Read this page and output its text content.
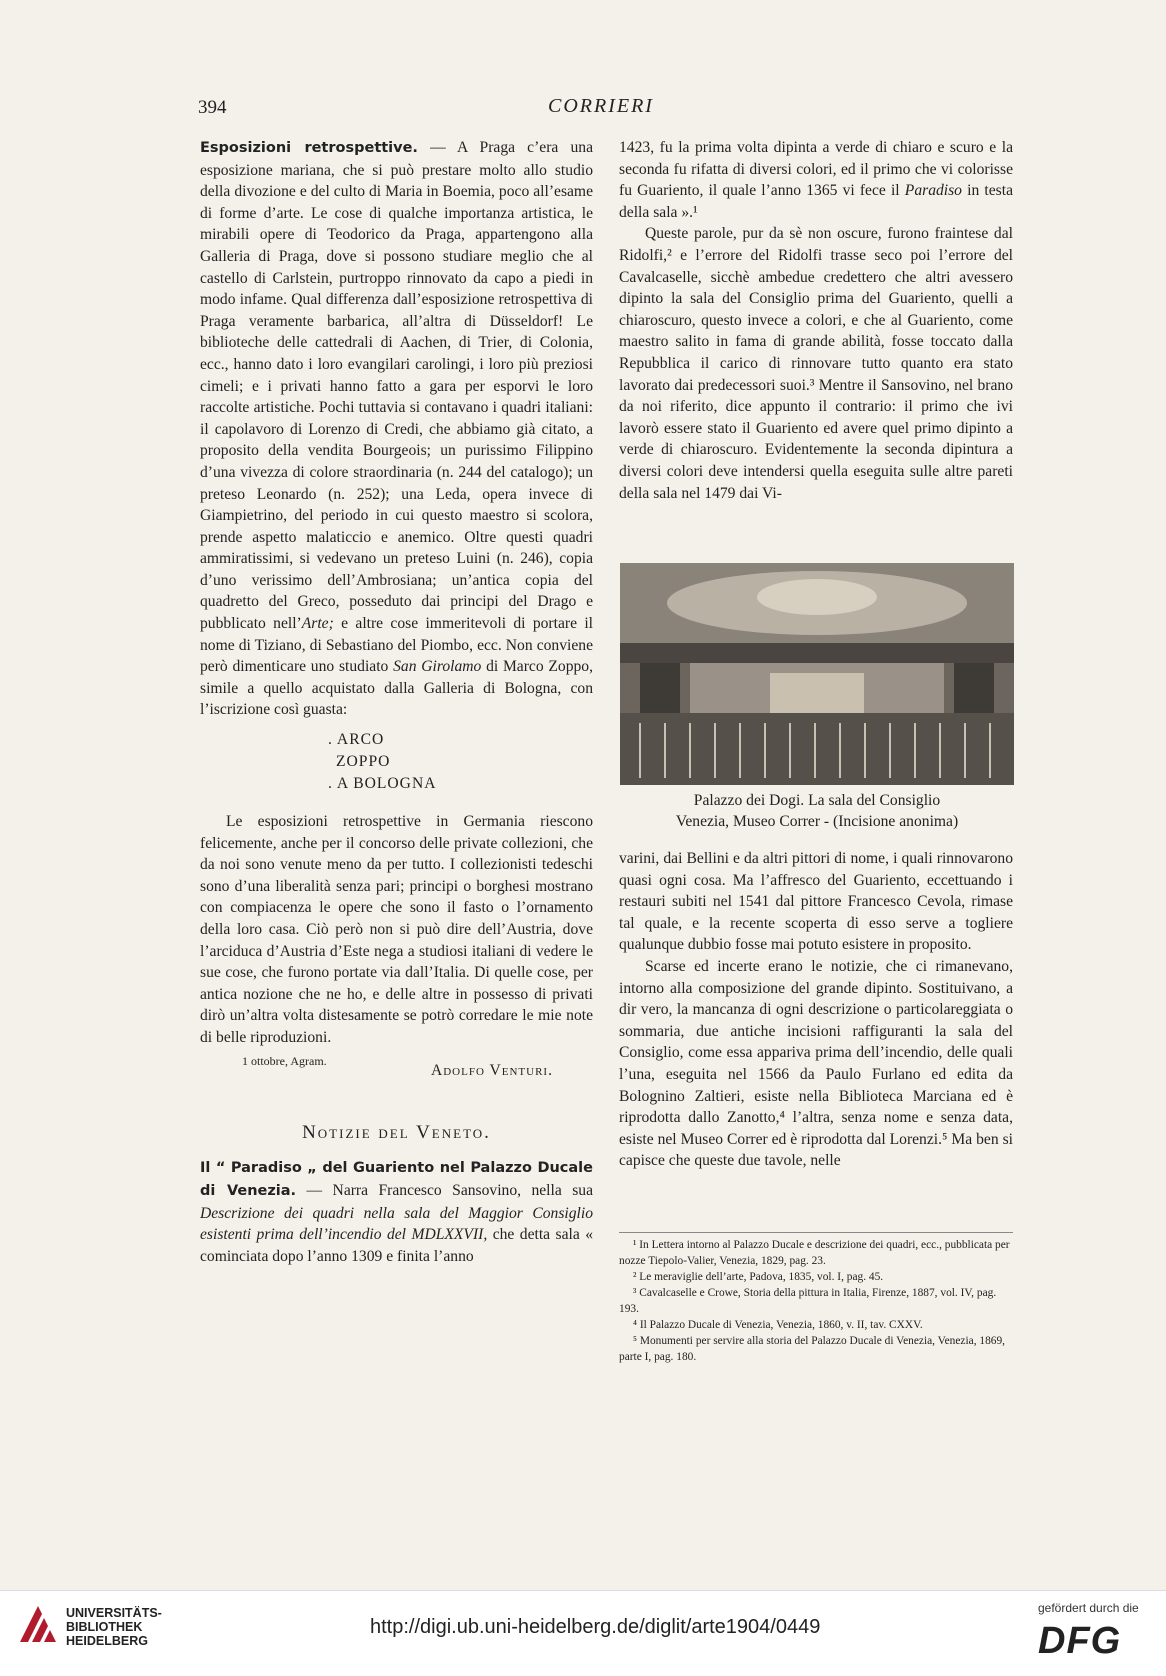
394	CORRIERI

Esposizioni retrospettive. — A Praga c’era una esposizione mariana, che si può prestare molto allo studio della divozione e del culto di Maria in Boemia, poco all’esame di forme d’arte. Le cose di qualche importanza artistica, le mirabili opere di Teodorico da Praga, appartengono alla Galleria di Praga, dove si possono studiare meglio che al castello di Carlstein, purtroppo rinnovato da capo a piedi in modo infame. Qual differenza dall’esposizione retrospettiva di Praga veramente barbarica, all’altra di Düsseldorf! Le biblioteche delle cattedrali di Aachen, di Trier, di Colonia, ecc., hanno dato i loro evangilari carolingi, i loro più preziosi cimeli; e i privati hanno fatto a gara per esporvi le loro raccolte artistiche. Pochi tuttavia si contavano i quadri italiani: il capolavoro di Lorenzo di Credi, che abbiamo già citato, a proposito della vendita Bourgeois; un purissimo Filippino d’una vivezza di colore straordinaria (n. 244 del catalogo); un preteso Leonardo (n. 252); una Leda, opera invece di Giampietrino, del periodo in cui questo maestro si scolora, prende aspetto malaticcio e anemico. Oltre questi quadri ammiratissimi, si vedevano un preteso Luini (n. 246), copia d’uno verissimo dell’Ambrosiana; un’antica copia del quadretto del Greco, posseduto dai principi del Drago e pubblicato nell’Arte; e altre cose immeritevoli di portare il nome di Tiziano, di Sebastiano del Piombo, ecc. Non conviene però dimenticare uno studiato San Girolamo di Marco Zoppo, simile a quello acquistato dalla Galleria di Bologna, con l’iscrizione così guasta:

. ARCO
ZOPPO
. A BOLOGNA

Le esposizioni retrospettive in Germania riescono felicemente, anche per il concorso delle private collezioni, che da noi sono venute meno da per tutto. I collezionisti tedeschi sono d’una liberalità senza pari; principi o borghesi mostrano con compiacenza le opere che sono il fasto o l’ornamento della loro casa. Ciò però non si può dire dell’Austria, dove l’arciduca d’Austria d’Este nega a studiosi italiani di vedere le sue cose, che furono portate via dall’Italia. Di quelle cose, per antica nozione che ne ho, e delle altre in possesso di privati dirò un’altra volta distesamente se potrò corredare le mie note di belle riproduzioni.

1 ottobre, Agram.
Adolfo Venturi.
Notizie del Veneto.

Il “ Paradiso „ del Guariento nel Palazzo Ducale di Venezia. — Narra Francesco Sansovino, nella sua Descrizione dei quadri nella sala del Maggior Consiglio esistenti prima dell’incendio del MDLXXVII, che detta sala « cominciata dopo l’anno 1309 e finita l’anno

1423, fu la prima volta dipinta a verde di chiaro e scuro e la seconda fu rifatta di diversi colori, ed il primo che vi colorisse fu Guariento, il quale l’anno 1365 vi fece il Paradiso in testa della sala ».¹

Queste parole, pur da sè non oscure, furono fraintese dal Ridolfi,² e l’errore del Ridolfi trasse seco poi l’errore del Cavalcaselle, sicchè ambedue credettero che altri avessero dipinto la sala del Consiglio prima del Guariento, quelli a chiaroscuro, questo invece a colori, e che al Guariento, come maestro salito in fama di grande abilità, fosse toccato dalla Repubblica il carico di rinnovare tutto quanto era stato lavorato dai predecessori suoi.³ Mentre il Sansovino, nel brano da noi riferito, dice appunto il contrario: il primo che ivi lavorò essere stato il Guariento ed avere quel primo dipinto a verde di chiaroscuro. Evidentemente la seconda dipintura a diversi colori deve intendersi quella eseguita sulle altre pareti della sala nel 1479 dai Vi-

Palazzo dei Dogi. La sala del Consiglio
Venezia, Museo Correr - (Incisione anonima)

varini, dai Bellini e da altri pittori di nome, i quali rinnovarono quasi ogni cosa. Ma l’affresco del Guariento, eccettuando i restauri subiti nel 1541 dal pittore Francesco Cevola, rimase tal quale, e la recente scoperta di esso serve a togliere qualunque dubbio fosse mai potuto esistere in proposito.

Scarse ed incerte erano le notizie, che ci rimanevano, intorno alla composizione del grande dipinto. Sostituivano, a dir vero, la mancanza di ogni descrizione o particolareggiata o sommaria, due antiche incisioni raffiguranti la sala del Consiglio, come essa appariva prima dell’incendio, delle quali l’una, eseguita nel 1566 da Paulo Furlano ed edita da Bolognino Zaltieri, esiste nella Biblioteca Marciana ed è riprodotta dallo Zanotto,⁴ l’altra, senza nome e senza data, esiste nel Museo Correr ed è riprodotta dal Lorenzi.⁵ Ma ben si capisce che queste due tavole, nelle

¹ In Lettera intorno al Palazzo Ducale e descrizione dei quadri, ecc., pubblicata per nozze Tiepolo-Valier, Venezia, 1829, pag. 23.
² Le meraviglie dell’arte, Padova, 1835, vol. I, pag. 45.
³ Cavalcaselle e Crowe, Storia della pittura in Italia, Firenze, 1887, vol. IV, pag. 193.
⁴ Il Palazzo Ducale di Venezia, Venezia, 1860, v. II, tav. CXXV.
⁵ Monumenti per servire alla storia del Palazzo Ducale di Venezia, Venezia, 1869, parte I, pag. 180.
UNIVERSITÄTS-
BIBLIOTHEK
HEIDELBERG
http://digi.ub.uni-heidelberg.de/diglit/arte1904/0449
gefördert durch die
DFG
